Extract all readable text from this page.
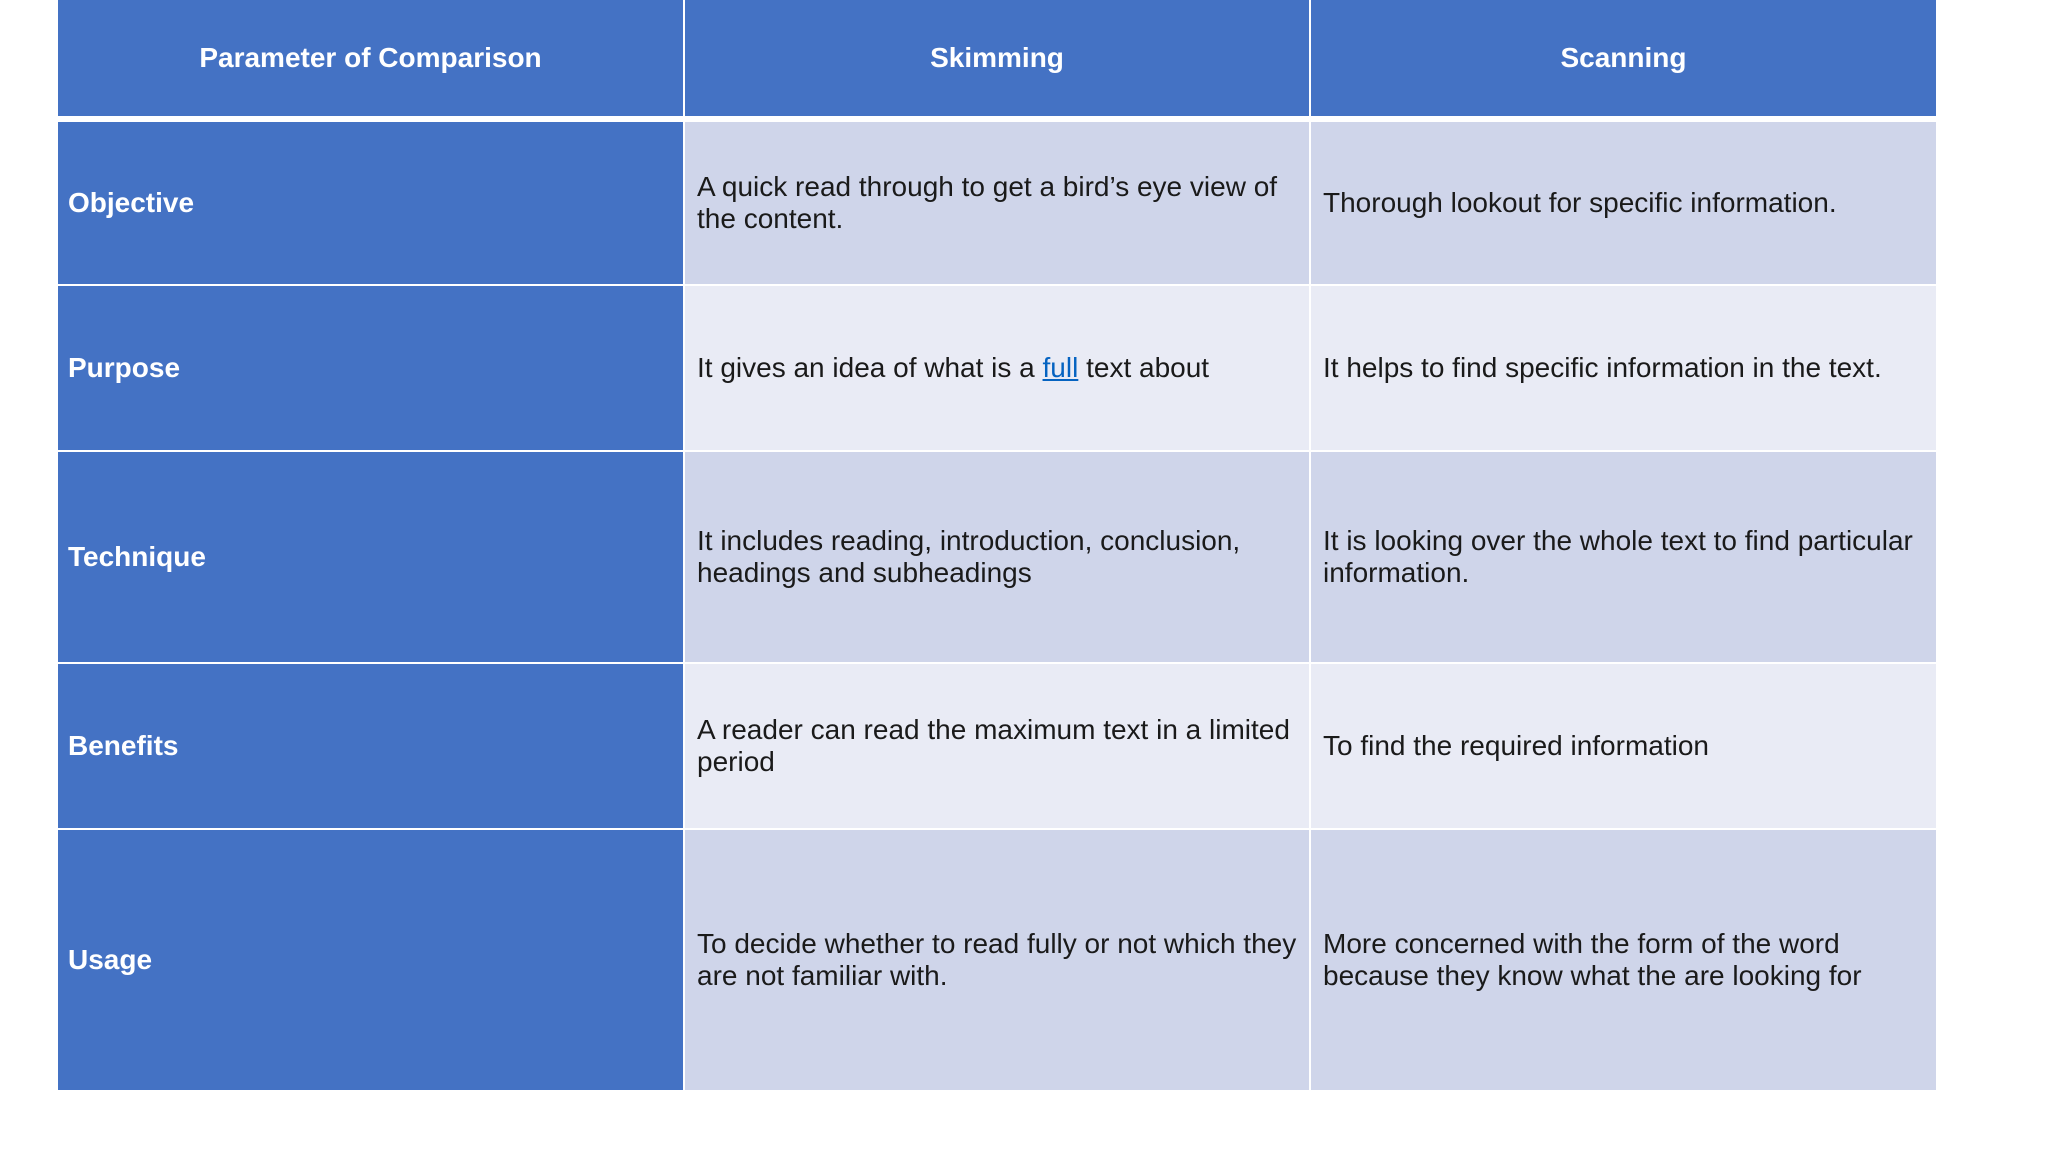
Parameter of Comparison	Skimming	Scanning
Objective	A quick read through to get a bird’s eye view of the content.	Thorough lookout for specific information.
Purpose	It gives an idea of what is a full text about	It helps to find specific information in the text.
Technique	It includes reading, introduction, conclusion, headings and subheadings	It is looking over the whole text to find particular information.
Benefits	A reader can read the maximum text in a limited period	To find the required information
Usage	To decide whether to read fully or not which they are not familiar with.	More concerned with the form of the word because they know what the are looking for
